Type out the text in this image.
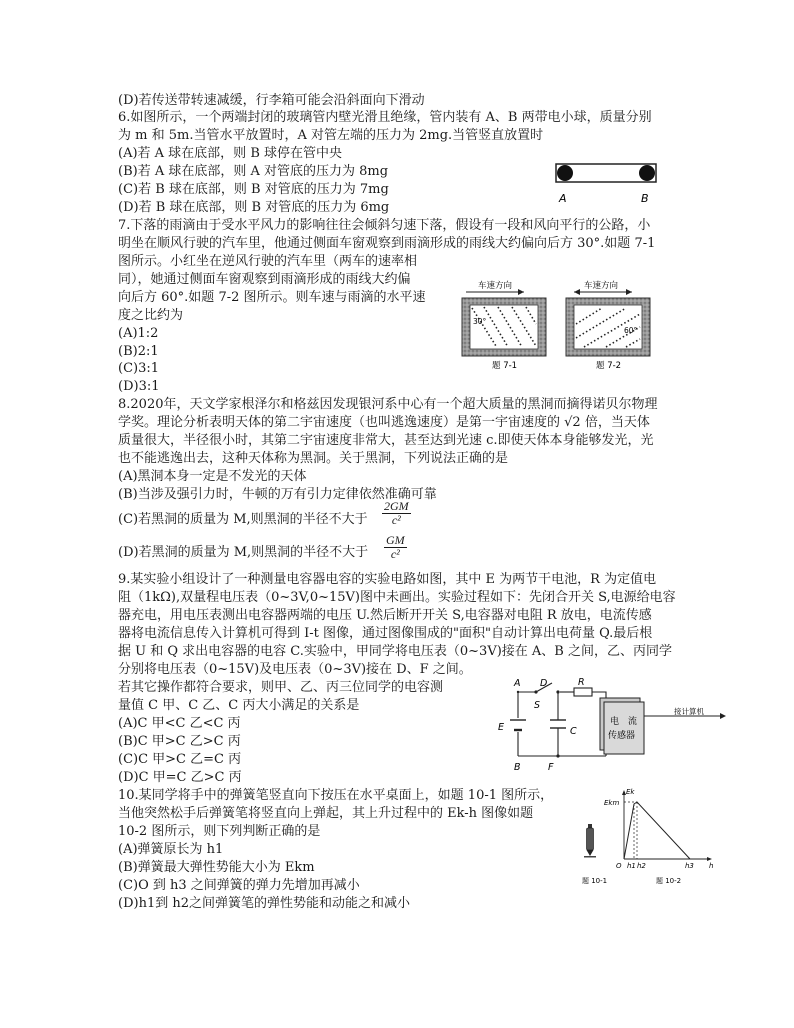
(D)若传送带转速减缓，行李箱可能会沿斜面向下滑动
6.如图所示，一个两端封闭的玻璃管内壁光滑且绝缘，管内装有 A、B 两带电小球，质量分别
为 m 和 5m.当管水平放置时，A 对管左端的压力为 2mg.当管竖直放置时
(A)若 A 球在底部，则 B 球停在管中央
(B)若 A 球在底部，则 A 对管底的压力为 8mg
(C)若 B 球在底部，则 B 对管底的压力为 7mg
(D)若 B 球在底部，则 B 对管底的压力为 6mg
7.下落的雨滴由于受水平风力的影响往往会倾斜匀速下落，假设有一段和风向平行的公路，小
明坐在顺风行驶的汽车里，他通过侧面车窗观察到雨滴形成的雨线大约偏向后方 30°.如题 7-1
图所示。小红坐在逆风行驶的汽车里（两车的速率相
同），她通过侧面车窗观察到雨滴形成的雨线大约偏
向后方 60°.如题 7-2 图所示。则车速与雨滴的水平速
度之比约为
(A)1:2
(B)2:1
(C)3:1
(D)3:1
8.2020年，天文学家根泽尔和格兹因发现银河系中心有一个超大质量的黑洞而摘得诺贝尔物理
学奖。理论分析表明天体的第二宇宙速度（也叫逃逸速度）是第一宇宙速度的 √2 倍，当天体
质量很大，半径很小时，其第二宇宙速度非常大，甚至达到光速 c.即使天体本身能够发光，光
也不能逃逸出去，这种天体称为黑洞。关于黑洞，下列说法正确的是
(A)黑洞本身一定是不发光的天体
(B)当涉及强引力时，牛顿的万有引力定律依然准确可靠
(C)若黑洞的质量为 M,则黑洞的半径不大于 $\frac{2GM}{\text{c²}}$
(D)若黑洞的质量为 M,则黑洞的半径不大于 $\frac{GM}{\text{c²}}$
9.某实验小组设计了一种测量电容器电容的实验电路如图，其中 E 为两节干电池，R 为定值电
阻（1kΩ),双量程电压表（0~3V,0~15V)图中未画出。实验过程如下：先闭合开关 S,电源给电容
器充电，用电压表测出电容器两端的电压 U.然后断开开关 S,电容器对电阻 R 放电，电流传感
器将电流信息传入计算机可得到 I-t 图像，通过图像围成的"面积"自动计算出电荷量 Q.最后根
据 U 和 Q 求出电容器的电容 C.实验中，甲同学将电压表（0~3V)接在 A、B 之间，乙、丙同学
分别将电压表（0~15V)及电压表（0~3V)接在 D、F 之间。
若其它操作都符合要求，则甲、乙、丙三位同学的电容测
量值 C 甲、C 乙、C 丙大小满足的关系是
(A)C 甲<C 乙<C 丙
(B)C 甲>C 乙>C 丙
(C)C 甲>C 乙=C 丙
(D)C 甲=C 乙>C 丙
10.某同学将手中的弹簧笔竖直向下按压在水平桌面上，如题 10-1 图所示，
当他突然松手后弹簧笔将竖直向上弹起，其上升过程中的 Ek-h 图像如题
10-2 图所示，则下列判断正确的是
(A)弹簧原长为 h1
(B)弹簧最大弹性势能大小为 Ekm
(C)O 到 h3 之间弹簧的弹力先增加再减小
(D)h1到 h2之间弹簧笔的弹性势能和动能之和减小
A	B
车速方向
30°
题 7-1
车速方向
60°
题 7-2
电　流
传感器
接计算机
A D
S
R
E	C
B	F
题 10-1
Ek
Ekm
O h1 h2	h3 h
题 10-2
